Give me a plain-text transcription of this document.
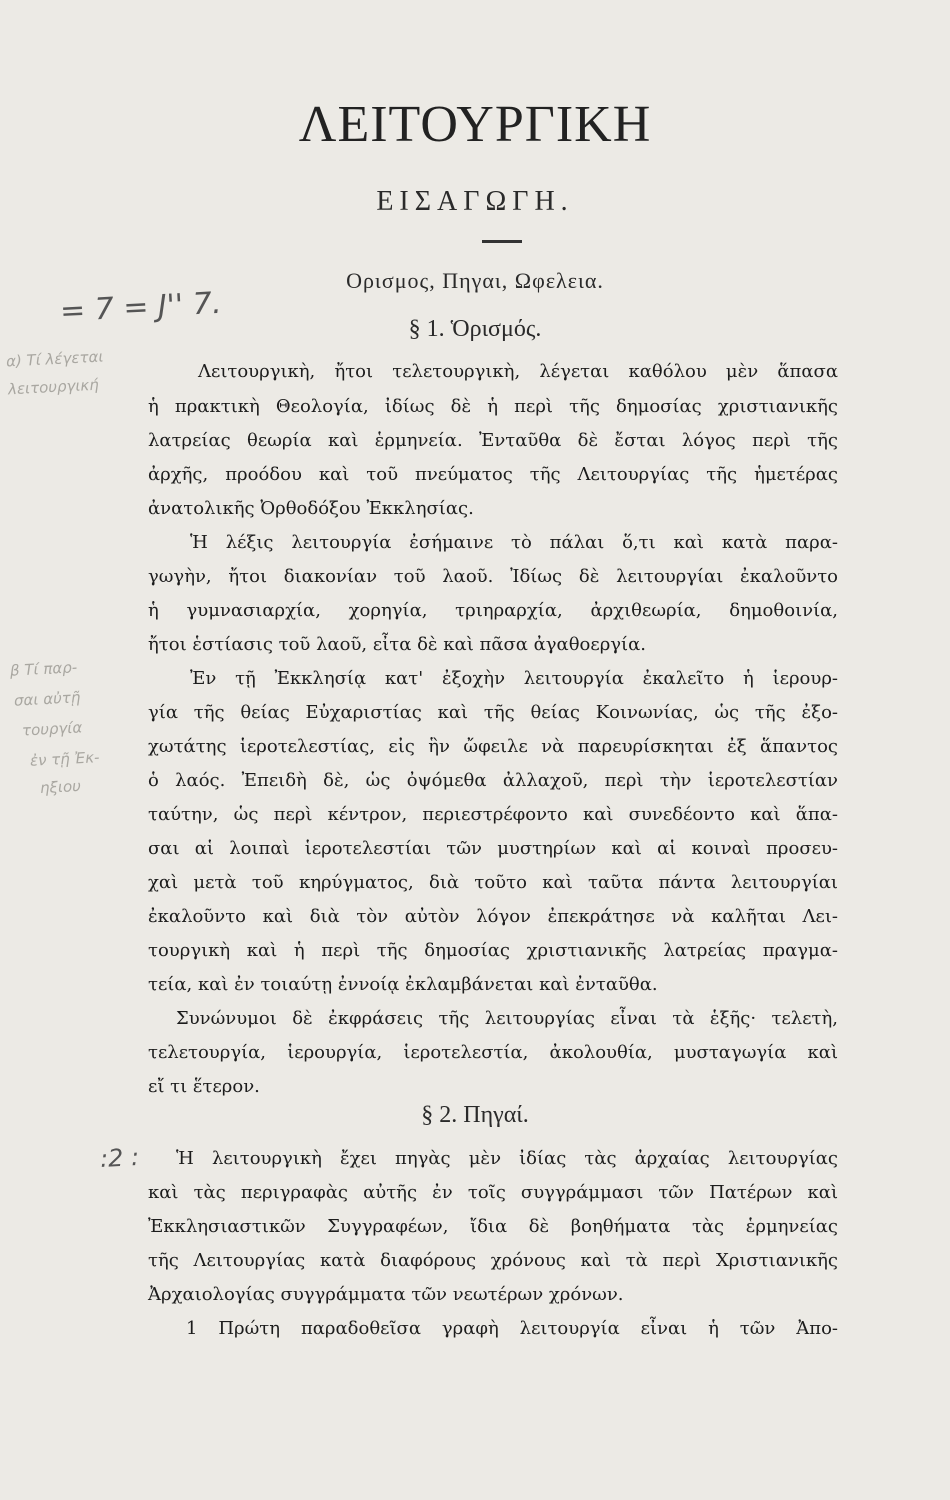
ΛΕΙΤΟΥΡΓΙΚΗ
ΕΙΣΑΓΩΓΗ.
Ορισμος, Πηγαι, Ωφελεια.
= 7 = J'' 7.
α) Τί λέγεται
λειτουργική
β Τί παρ-
σαι αὐτῇ
τουργία
ἐν τῇ Ἐκ-
ηξιου
:2 :
§ 1. Ὁρισμός.
Λειτουργικὴ, ἤτοι τελετουργικὴ, λέγεται καθόλου μὲν ἅπασα
ἡ πρακτικὴ Θεολογία, ἰδίως δὲ ἡ περὶ τῆς δημοσίας χριστιανικῆς
λατρείας θεωρία καὶ ἑρμηνεία. Ἐνταῦθα δὲ ἔσται λόγος περὶ τῆς
ἀρχῆς, προόδου καὶ τοῦ πνεύματος τῆς Λειτουργίας τῆς ἡμετέρας
ἀνατολικῆς Ὀρθοδόξου Ἐκκλησίας.
Ἡ λέξις λειτουργία ἐσήμαινε τὸ πάλαι ὅ,τι καὶ κατὰ παρα-
γωγὴν, ἤτοι διακονίαν τοῦ λαοῦ. Ἰδίως δὲ λειτουργίαι ἐκαλοῦντο
ἡ γυμνασιαρχία, χορηγία, τριηραρχία, ἀρχιθεωρία, δημοθοινία,
ἤτοι ἑστίασις τοῦ λαοῦ, εἶτα δὲ καὶ πᾶσα ἀγαθοεργία.
Ἐν τῇ Ἐκκλησίᾳ κατ' ἐξοχὴν λειτουργία ἐκαλεῖτο ἡ ἱερουρ-
γία τῆς θείας Εὐχαριστίας καὶ τῆς θείας Κοινωνίας, ὡς τῆς ἐξο-
χωτάτης ἱεροτελεστίας, εἰς ἣν ὤφειλε νὰ παρευρίσκηται ἐξ ἅπαντος
ὁ λαός. Ἐπειδὴ δὲ, ὡς ὀψόμεθα ἀλλαχοῦ, περὶ τὴν ἱεροτελεστίαν
ταύτην, ὡς περὶ κέντρον, περιεστρέφοντο καὶ συνεδέοντο καὶ ἅπα-
σαι αἱ λοιπαὶ ἱεροτελεστίαι τῶν μυστηρίων καὶ αἱ κοιναὶ προσευ-
χαὶ μετὰ τοῦ κηρύγματος, διὰ τοῦτο καὶ ταῦτα πάντα λειτουργίαι
ἐκαλοῦντο καὶ διὰ τὸν αὐτὸν λόγον ἐπεκράτησε νὰ καλῆται Λει-
τουργικὴ καὶ ἡ περὶ τῆς δημοσίας χριστιανικῆς λατρείας πραγμα-
τεία, καὶ ἐν τοιαύτῃ ἐννοίᾳ ἐκλαμβάνεται καὶ ἐνταῦθα.
Συνώνυμοι δὲ ἐκφράσεις τῆς λειτουργίας εἶναι τὰ ἑξῆς· τελετὴ,
τελετουργία, ἱερουργία, ἱεροτελεστία, ἀκολουθία, μυσταγωγία καὶ
εἴ τι ἕτερον.
§ 2. Πηγαί.
Ἡ λειτουργικὴ ἔχει πηγὰς μὲν ἰδίας τὰς ἀρχαίας λειτουργίας
καὶ τὰς περιγραφὰς αὐτῆς ἐν τοῖς συγγράμμασι τῶν Πατέρων καὶ
Ἐκκλησιαστικῶν Συγγραφέων, ἴδια δὲ βοηθήματα τὰς ἑρμηνείας
τῆς Λειτουργίας κατὰ διαφόρους χρόνους καὶ τὰ περὶ Χριστιανικῆς
Ἀρχαιολογίας συγγράμματα τῶν νεωτέρων χρόνων.
1 Πρώτη παραδοθεῖσα γραφὴ λειτουργία εἶναι ἡ τῶν Ἀπο-
